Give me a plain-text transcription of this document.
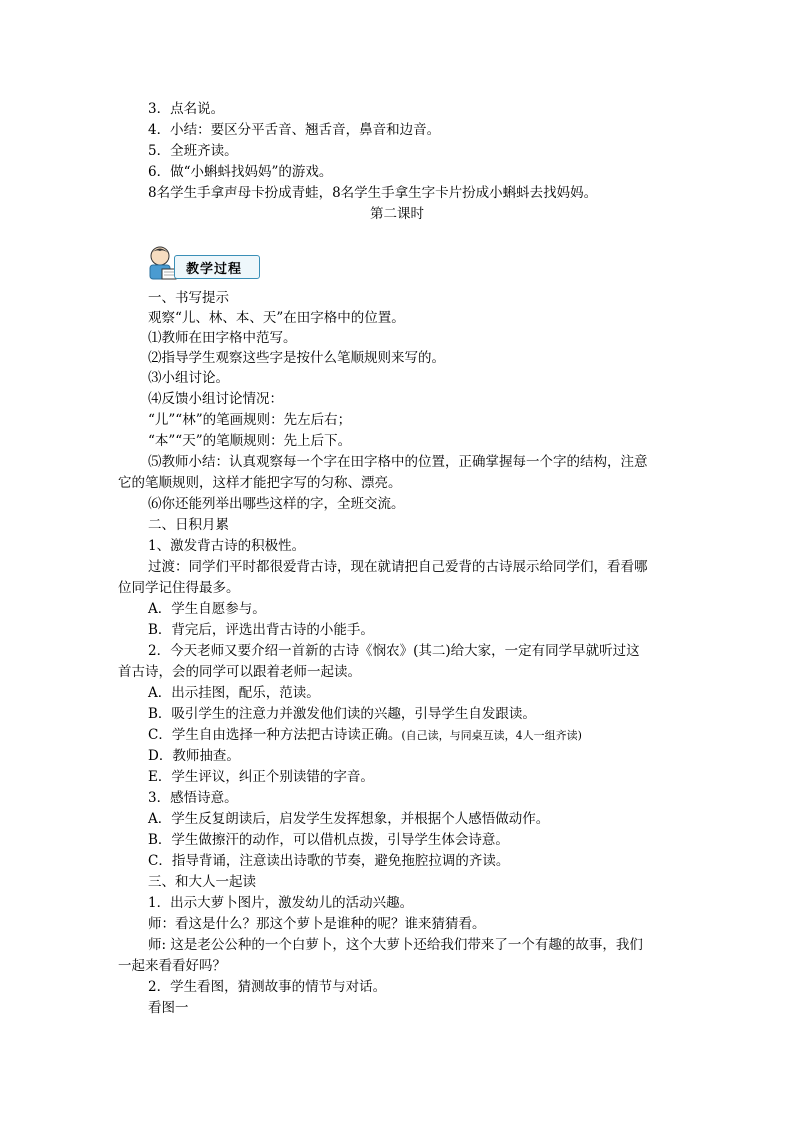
3．点名说。
4．小结：要区分平舌音、翘舌音，鼻音和边音。
5．全班齐读。
6．做“小蝌蚪找妈妈”的游戏。
8名学生手拿声母卡扮成青蛙，8名学生手拿生字卡片扮成小蝌蚪去找妈妈。
第二课时
教学过程
一、书写提示
观察“儿、林、本、天”在田字格中的位置。
⑴教师在田字格中范写。
⑵指导学生观察这些字是按什么笔顺规则来写的。
⑶小组讨论。
⑷反馈小组讨论情况：
“儿”“林”的笔画规则：先左后右；
“本”“天”的笔顺规则：先上后下。
⑸教师小结：认真观察每一个字在田字格中的位置，正确掌握每一个字的结构，注意它的笔顺规则，这样才能把字写的匀称、漂亮。
⑹你还能列举出哪些这样的字，全班交流。
二、日积月累
1、激发背古诗的积极性。
过渡：同学们平时都很爱背古诗，现在就请把自己爱背的古诗展示给同学们，看看哪位同学记住得最多。
A．学生自愿参与。
B．背完后，评选出背古诗的小能手。
2．今天老师又要介绍一首新的古诗《悯农》(其二)给大家，一定有同学早就听过这首古诗，会的同学可以跟着老师一起读。
A．出示挂图，配乐，范读。
B．吸引学生的注意力并激发他们读的兴趣，引导学生自发跟读。
C．学生自由选择一种方法把古诗读正确。(自己读，与同桌互读，4人一组齐读)
D．教师抽查。
E．学生评议，纠正个别读错的字音。
3．感悟诗意。
A．学生反复朗读后，启发学生发挥想象，并根据个人感悟做动作。
B．学生做擦汗的动作，可以借机点拨，引导学生体会诗意。
C．指导背诵，注意读出诗歌的节奏，避免拖腔拉调的齐读。
三、和大人一起读
1．出示大萝卜图片，激发幼儿的活动兴趣。
师：看这是什么？那这个萝卜是谁种的呢？谁来猜猜看。
师: 这是老公公种的一个白萝卜，这个大萝卜还给我们带来了一个有趣的故事，我们一起来看看好吗？
2．学生看图，猜测故事的情节与对话。
看图一
